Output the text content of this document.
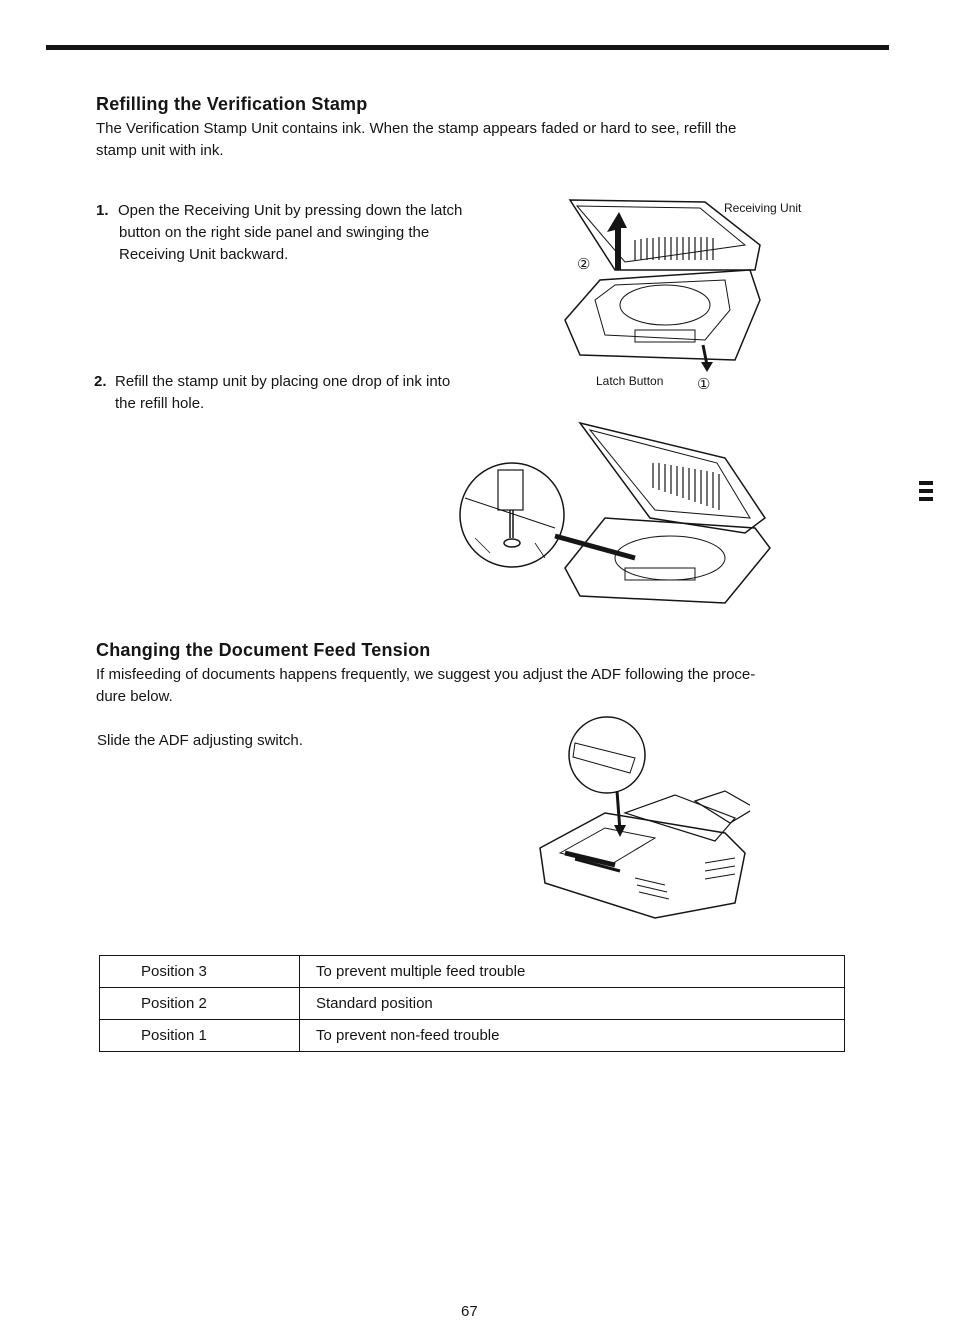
Refilling the Verification Stamp
The Verification Stamp Unit contains ink. When the stamp appears faded or hard to see, refill the
stamp unit with ink.
1. Open the Receiving Unit by pressing down the latch
button on the right side panel and swinging the
Receiving Unit backward.
2. Refill the stamp unit by placing one drop of ink into
the refill hole.
Receiving Unit
Latch Button
②
①
Changing the Document Feed Tension
If misfeeding of documents happens frequently, we suggest you adjust the ADF following the proce-
dure below.
Slide the ADF adjusting switch.
Position 3	To prevent multiple feed trouble
Position 2	Standard position
Position 1	To prevent non-feed trouble
67
